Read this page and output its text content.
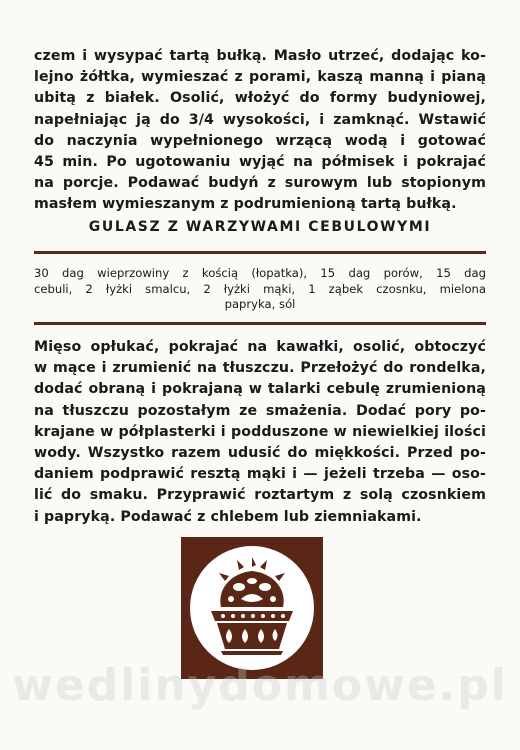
czem i wysypać tartą bułką. Masło utrzeć, dodając ko-
lejno żółtka, wymieszać z porami, kaszą manną i pianą
ubitą z białek. Osolić, włożyć do formy budyniowej,
napełniając ją do 3/4 wysokości, i zamknąć. Wstawić
do naczynia wypełnionego wrzącą wodą i gotować
45 min. Po ugotowaniu wyjąć na półmisek i pokrajać
na porcje. Podawać budyń z surowym lub stopionym
masłem wymieszanym z podrumienioną tartą bułką.
GULASZ Z WARZYWAMI CEBULOWYMI
30 dag wieprzowiny z kością (łopatka), 15 dag porów, 15 dag
cebuli, 2 łyżki smalcu, 2 łyżki mąki, 1 ząbek czosnku, mielona
papryka, sól
Mięso opłukać, pokrajać na kawałki, osolić, obtoczyć
w mące i zrumienić na tłuszczu. Przełożyć do rondelka,
dodać obraną i pokrajaną w talarki cebulę zrumienioną
na tłuszczu pozostałym ze smażenia. Dodać pory po-
krajane w półplasterki i podduszone w niewielkiej ilości
wody. Wszystko razem udusić do miękkości. Przed po-
daniem podprawić resztą mąki i — jeżeli trzeba — oso-
lić do smaku. Przyprawić roztartym z solą czosnkiem
i papryką. Podawać z chlebem lub ziemniakami.
wedlinydomowe.pl
